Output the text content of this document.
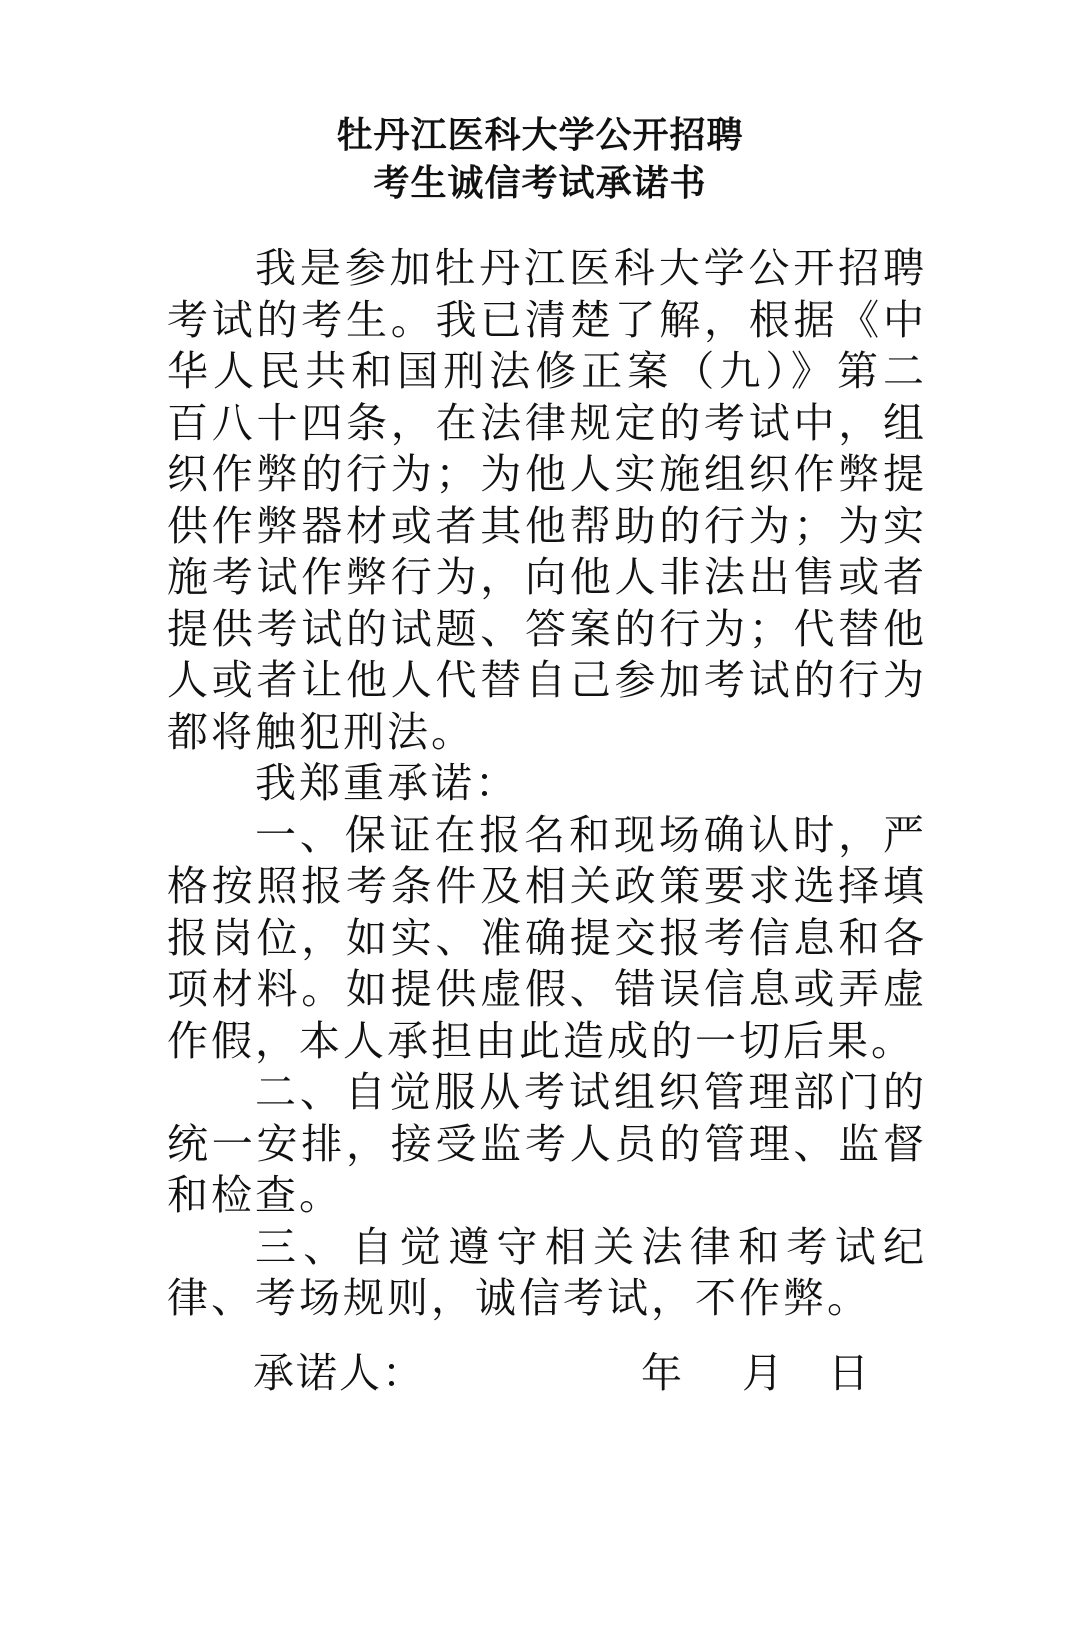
牡丹江医科大学公开招聘
考生诚信考试承诺书

我是参加牡丹江医科大学公开招聘考试的考生。我已清楚了解，根据《中华人民共和国刑法修正案（九）》第二百八十四条，在法律规定的考试中，组织作弊的行为；为他人实施组织作弊提供作弊器材或者其他帮助的行为；为实施考试作弊行为，向他人非法出售或者提供考试的试题、答案的行为；代替他人或者让他人代替自己参加考试的行为都将触犯刑法。

我郑重承诺：

一、保证在报名和现场确认时，严格按照报考条件及相关政策要求选择填报岗位，如实、准确提交报考信息和各项材料。如提供虚假、错误信息或弄虚作假，本人承担由此造成的一切后果。

二、自觉服从考试组织管理部门的统一安排，接受监考人员的管理、监督和检查。

三、自觉遵守相关法律和考试纪律、考场规则，诚信考试，不作弊。

承诺人：	年 月 日
